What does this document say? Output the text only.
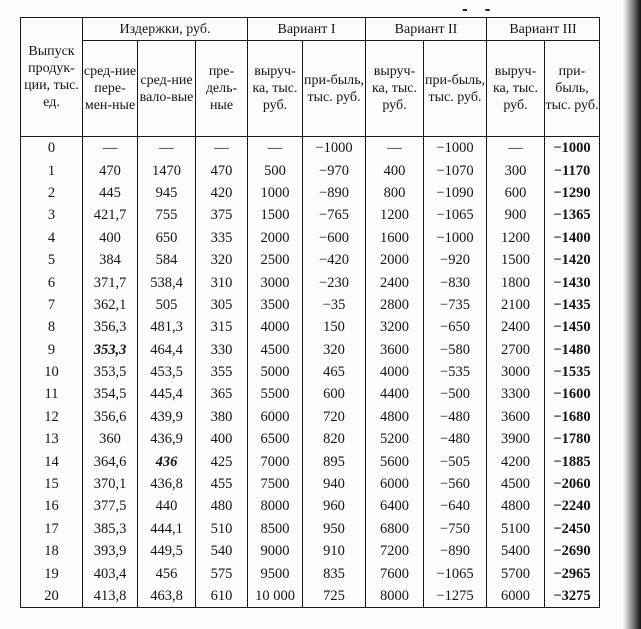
- -
Выпуск продук-ции, тыс. ед.	Издержки, руб.			Вариант I		Вариант II		Вариант III	
	сред-ние пере-мен-ные	сред-ние вало-вые	пре-дель-ные	выруч-ка, тыс. руб.	при-быль, тыс. руб.	выруч-ка, тыс. руб.	при-быль, тыс. руб.	выруч-ка, тыс. руб.	при-быль, тыс. руб.
0	—	—	—	—	−1000	—	−1000	—	−1000
1	470	1470	470	500	−970	400	−1070	300	−1170
2	445	945	420	1000	−890	800	−1090	600	−1290
3	421,7	755	375	1500	−765	1200	−1065	900	−1365
4	400	650	335	2000	−600	1600	−1000	1200	−1400
5	384	584	320	2500	−420	2000	−920	1500	−1420
6	371,7	538,4	310	3000	−230	2400	−830	1800	−1430
7	362,1	505	305	3500	−35	2800	−735	2100	−1435
8	356,3	481,3	315	4000	150	3200	−650	2400	−1450
9	353,3	464,4	330	4500	320	3600	−580	2700	−1480
10	353,5	453,5	355	5000	465	4000	−535	3000	−1535
11	354,5	445,4	365	5500	600	4400	−500	3300	−1600
12	356,6	439,9	380	6000	720	4800	−480	3600	−1680
13	360	436,9	400	6500	820	5200	−480	3900	−1780
14	364,6	436	425	7000	895	5600	−505	4200	−1885
15	370,1	436,8	455	7500	940	6000	−560	4500	−2060
16	377,5	440	480	8000	960	6400	−640	4800	−2240
17	385,3	444,1	510	8500	950	6800	−750	5100	−2450
18	393,9	449,5	540	9000	910	7200	−890	5400	−2690
19	403,4	456	575	9500	835	7600	−1065	5700	−2965
20	413,8	463,8	610	10 000	725	8000	−1275	6000	−3275
